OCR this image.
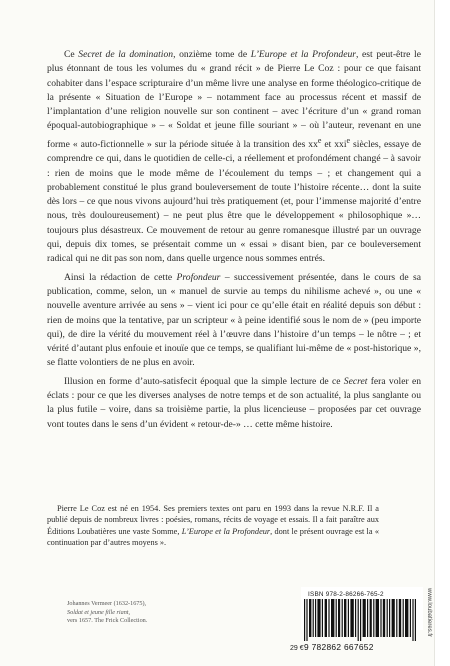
Ce Secret de la domination, onzième tome de L’Europe et la Profondeur, est peut-être le plus étonnant de tous les volumes du « grand récit » de Pierre Le Coz : pour ce que faisant cohabiter dans l’espace scripturaire d’un même livre une analyse en forme théologico-critique de la présente « Situation de l’Europe » – notamment face au processus récent et massif de l’implantation d’une religion nouvelle sur son continent – avec l’écriture d’un « grand roman époqual-autobiographique » – « Soldat et jeune fille souriant » – où l’auteur, revenant en une forme « auto-fictionnelle » sur la période située à la transition des $xx^e$ et xxi$^e$ siècles, essaye de comprendre ce qui, dans le quotidien de celle-ci, a réellement et profondément changé – à savoir : rien de moins que le mode même de l’écoulement du temps – ; et changement qui a probablement constitué le plus grand bouleversement de toute l’histoire récente… dont la suite dès lors – ce que nous vivons aujourd’hui très pratiquement (et, pour l’immense majorité d’entre nous, très douloureusement) – ne peut plus être que le développement « philosophique »… toujours plus désastreux. Ce mouvement de retour au genre romanesque illustré par un ouvrage qui, depuis dix tomes, se présentait comme un « essai » disant bien, par ce bouleversement radical qui ne dit pas son nom, dans quelle urgence nous sommes entrés.

Ainsi la rédaction de cette Profondeur – successivement présentée, dans le cours de sa publication, comme, selon, un « manuel de survie au temps du nihilisme achevé », ou une « nouvelle aventure arrivée au sens » – vient ici pour ce qu’elle était en réalité depuis son début : rien de moins que la tentative, par un scripteur « à peine identifié sous le nom de » (peu importe qui), de dire la vérité du mouvement réel à l’œuvre dans l’histoire d’un temps – le nôtre – ; et vérité d’autant plus enfouie et inouïe que ce temps, se qualifiant lui-même de « post-historique », se flatte volontiers de ne plus en avoir.

Illusion en forme d’auto-satisfecit époqual que la simple lecture de ce Secret fera voler en éclats : pour ce que les diverses analyses de notre temps et de son actualité, la plus sanglante ou la plus futile – voire, dans sa troisième partie, la plus licencieuse – proposées par cet ouvrage vont toutes dans le sens d’un évident « retour-de-» … cette même histoire.

Pierre Le Coz est né en 1954. Ses premiers textes ont paru en 1993 dans la revue N.R.F. Il a publié depuis de nombreux livres : poésies, romans, récits de voyage et essais. Il a fait paraître aux Éditions Loubatières une vaste Somme, L’Europe et la Profondeur, dont le présent ouvrage est la « continuation par d’autres moyens ».

Johannes Vermeer (1632-1675),
Soldat et jeune fille riant,
vers 1657. The Frick Collection.
ISBN 978-2-86266-765-2
9 782862 667652
29 €
www.loubatieres.fr
